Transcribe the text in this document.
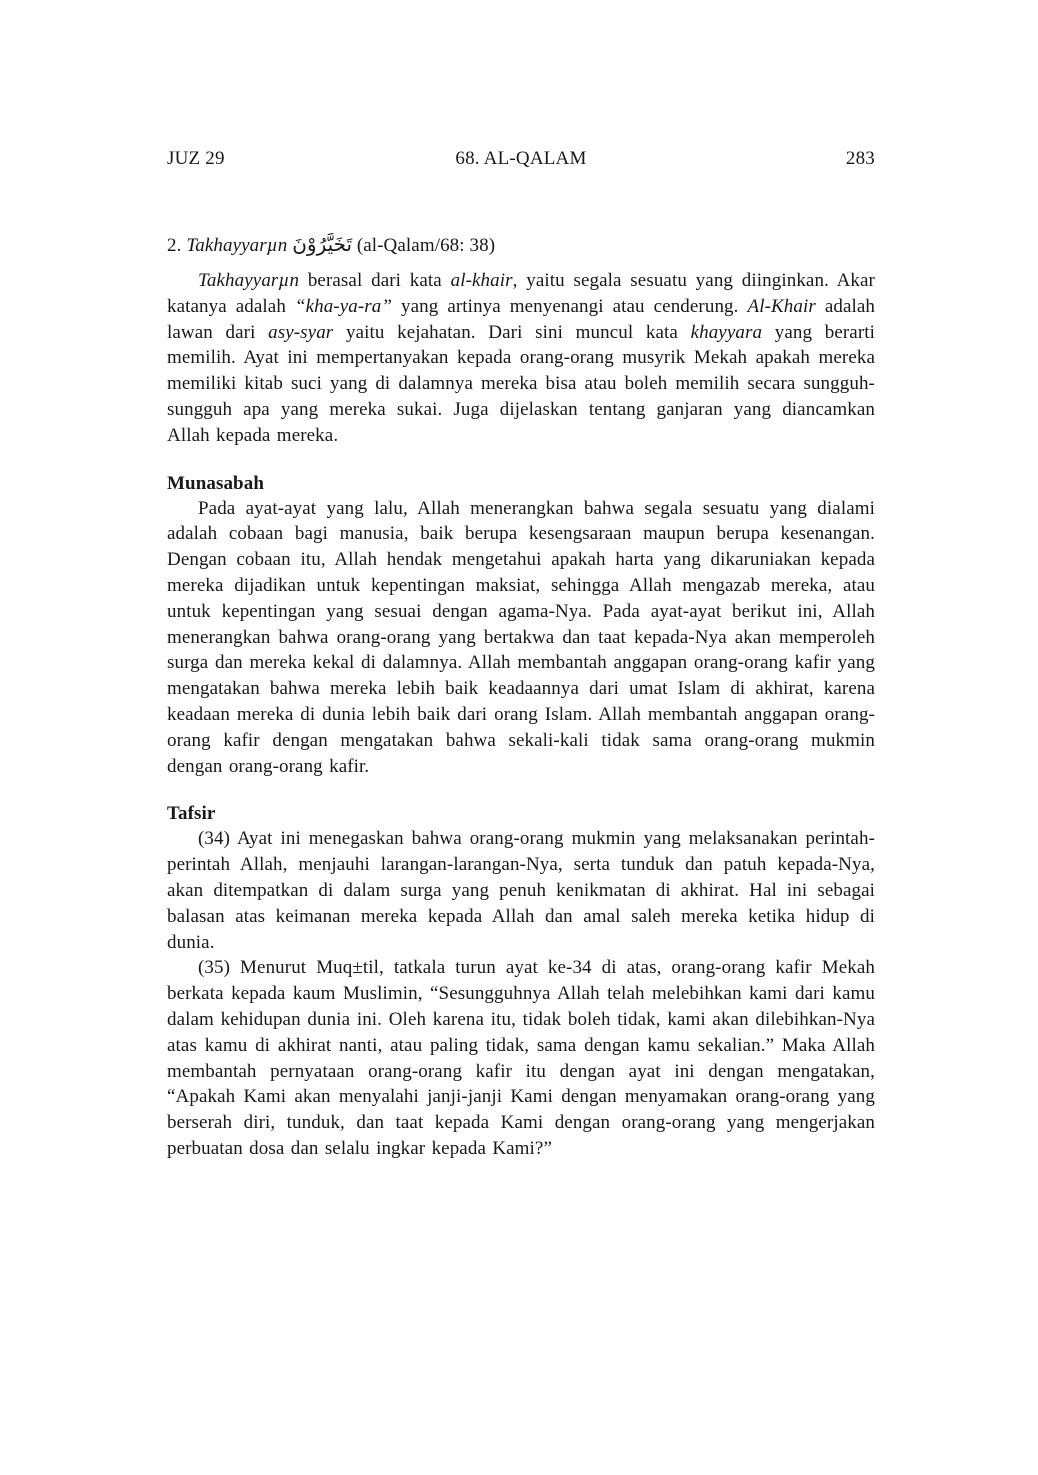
JUZ 29	68. AL-QALAM	283

2. Takhayyarµn تَخَيَّرُوْنَ (al-Qalam/68: 38)

Takhayyarµn berasal dari kata al-khair, yaitu segala sesuatu yang diinginkan. Akar katanya adalah “kha-ya-ra” yang artinya menyenangi atau cenderung. Al-Khair adalah lawan dari asy-syar yaitu kejahatan. Dari sini muncul kata khayyara yang berarti memilih. Ayat ini mempertanyakan kepada orang-orang musyrik Mekah apakah mereka memiliki kitab suci yang di dalamnya mereka bisa atau boleh memilih secara sungguh-sungguh apa yang mereka sukai. Juga dijelaskan tentang ganjaran yang diancamkan Allah kepada mereka.

Munasabah

Pada ayat-ayat yang lalu, Allah menerangkan bahwa segala sesuatu yang dialami adalah cobaan bagi manusia, baik berupa kesengsaraan maupun berupa kesenangan. Dengan cobaan itu, Allah hendak mengetahui apakah harta yang dikaruniakan kepada mereka dijadikan untuk kepentingan maksiat, sehingga Allah mengazab mereka, atau untuk kepentingan yang sesuai dengan agama-Nya. Pada ayat-ayat berikut ini, Allah menerangkan bahwa orang-orang yang bertakwa dan taat kepada-Nya akan memperoleh surga dan mereka kekal di dalamnya. Allah membantah anggapan orang-orang kafir yang mengatakan bahwa mereka lebih baik keadaannya dari umat Islam di akhirat, karena keadaan mereka di dunia lebih baik dari orang Islam. Allah membantah anggapan orang-orang kafir dengan mengatakan bahwa sekali-kali tidak sama orang-orang mukmin dengan orang-orang kafir.

Tafsir

(34) Ayat ini menegaskan bahwa orang-orang mukmin yang melaksanakan perintah-perintah Allah, menjauhi larangan-larangan-Nya, serta tunduk dan patuh kepada-Nya, akan ditempatkan di dalam surga yang penuh kenikmatan di akhirat. Hal ini sebagai balasan atas keimanan mereka kepada Allah dan amal saleh mereka ketika hidup di dunia.

(35) Menurut Muq±til, tatkala turun ayat ke-34 di atas, orang-orang kafir Mekah berkata kepada kaum Muslimin, “Sesungguhnya Allah telah melebihkan kami dari kamu dalam kehidupan dunia ini. Oleh karena itu, tidak boleh tidak, kami akan dilebihkan-Nya atas kamu di akhirat nanti, atau paling tidak, sama dengan kamu sekalian.” Maka Allah membantah pernyataan orang-orang kafir itu dengan ayat ini dengan mengatakan, “Apakah Kami akan menyalahi janji-janji Kami dengan menyamakan orang-orang yang berserah diri, tunduk, dan taat kepada Kami dengan orang-orang yang mengerjakan perbuatan dosa dan selalu ingkar kepada Kami?”
